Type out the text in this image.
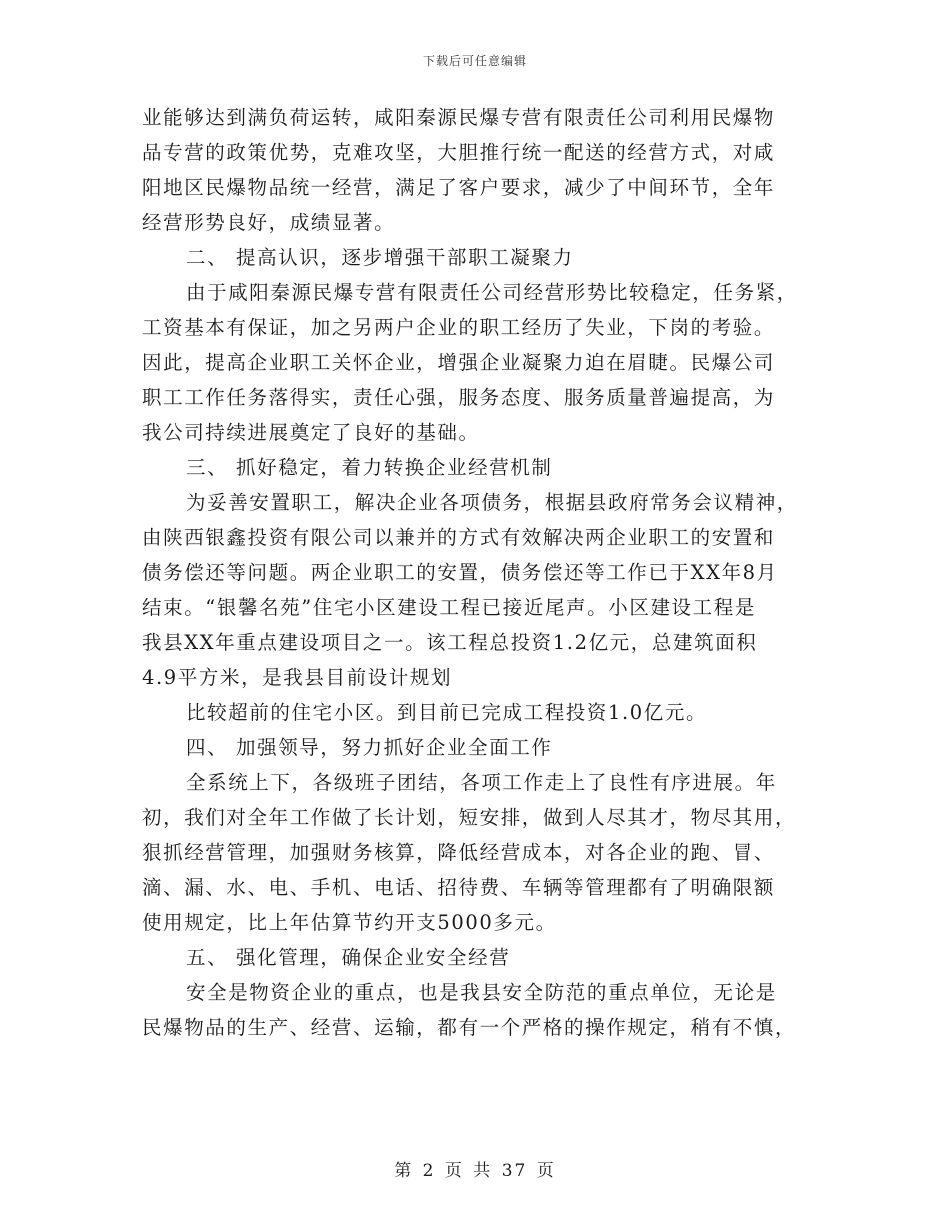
下载后可任意编辑
业能够达到满负荷运转，咸阳秦源民爆专营有限责任公司利用民爆物
品专营的政策优势，克难攻坚，大胆推行统一配送的经营方式，对咸
阳地区民爆物品统一经营，满足了客户要求，减少了中间环节，全年
经营形势良好，成绩显著。
二、 提高认识，逐步增强干部职工凝聚力
由于咸阳秦源民爆专营有限责任公司经营形势比较稳定，任务紧，
工资基本有保证，加之另两户企业的职工经历了失业，下岗的考验。
因此，提高企业职工关怀企业，增强企业凝聚力迫在眉睫。民爆公司
职工工作任务落得实，责任心强，服务态度、服务质量普遍提高，为
我公司持续进展奠定了良好的基础。
三、 抓好稳定，着力转换企业经营机制
为妥善安置职工，解决企业各项债务，根据县政府常务会议精神，
由陕西银鑫投资有限公司以兼并的方式有效解决两企业职工的安置和
债务偿还等问题。两企业职工的安置，债务偿还等工作已于XX年8月
结束。“银馨名苑”住宅小区建设工程已接近尾声。小区建设工程是
我县XX年重点建设项目之一。该工程总投资1.2亿元，总建筑面积
4.9平方米，是我县目前设计规划
比较超前的住宅小区。到目前已完成工程投资1.0亿元。
四、 加强领导，努力抓好企业全面工作
全系统上下，各级班子团结，各项工作走上了良性有序进展。年
初，我们对全年工作做了长计划，短安排，做到人尽其才，物尽其用，
狠抓经营管理，加强财务核算，降低经营成本，对各企业的跑、冒、
滴、漏、水、电、手机、电话、招待费、车辆等管理都有了明确限额
使用规定，比上年估算节约开支5000多元。
五、 强化管理，确保企业安全经营
安全是物资企业的重点，也是我县安全防范的重点单位，无论是
民爆物品的生产、经营、运输，都有一个严格的操作规定，稍有不慎，
第 2 页 共 37 页
